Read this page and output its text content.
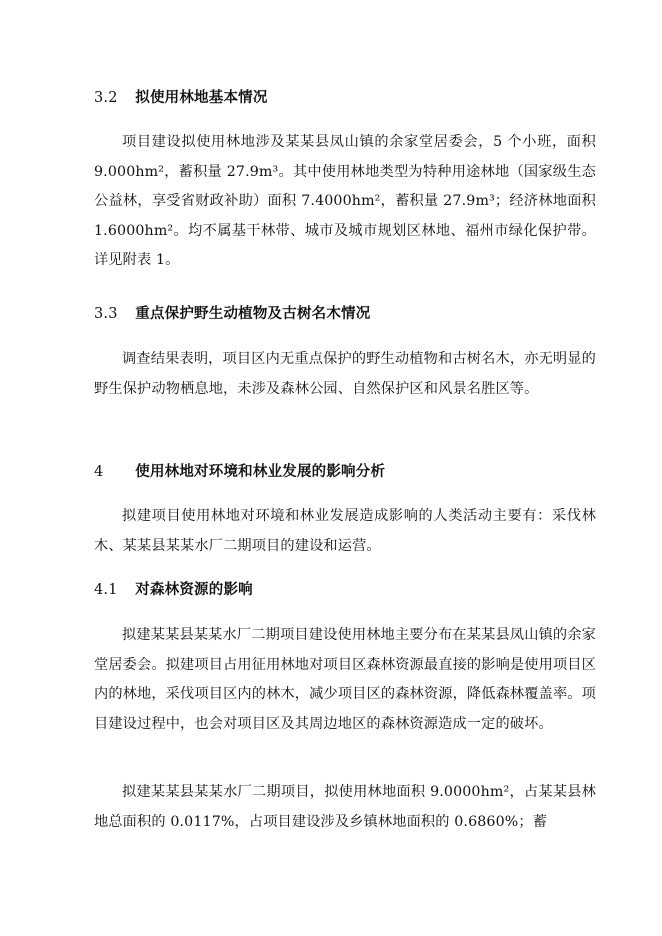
3.2 拟使用林地基本情况
项目建设拟使用林地涉及某某县凤山镇的余家堂居委会，5 个小班，面积 9.000hm²，蓄积量 27.9m³。其中使用林地类型为特种用途林地（国家级生态公益林，享受省财政补助）面积 7.4000hm²，蓄积量 27.9m³；经济林地面积 1.6000hm²。均不属基干林带、城市及城市规划区林地、福州市绿化保护带。详见附表 1。
3.3 重点保护野生动植物及古树名木情况
调查结果表明，项目区内无重点保护的野生动植物和古树名木，亦无明显的野生保护动物栖息地，未涉及森林公园、自然保护区和风景名胜区等。
4 使用林地对环境和林业发展的影响分析
拟建项目使用林地对环境和林业发展造成影响的人类活动主要有：采伐林木、某某县某某水厂二期项目的建设和运营。
4.1 对森林资源的影响
拟建某某县某某水厂二期项目建设使用林地主要分布在某某县凤山镇的余家堂居委会。拟建项目占用征用林地对项目区森林资源最直接的影响是使用项目区内的林地，采伐项目区内的林木，减少项目区的森林资源，降低森林覆盖率。项目建设过程中，也会对项目区及其周边地区的森林资源造成一定的破坏。
拟建某某县某某水厂二期项目，拟使用林地面积 9.0000hm²，占某某县林地总面积的 0.0117%，占项目建设涉及乡镇林地面积的 0.6860%；蓄
